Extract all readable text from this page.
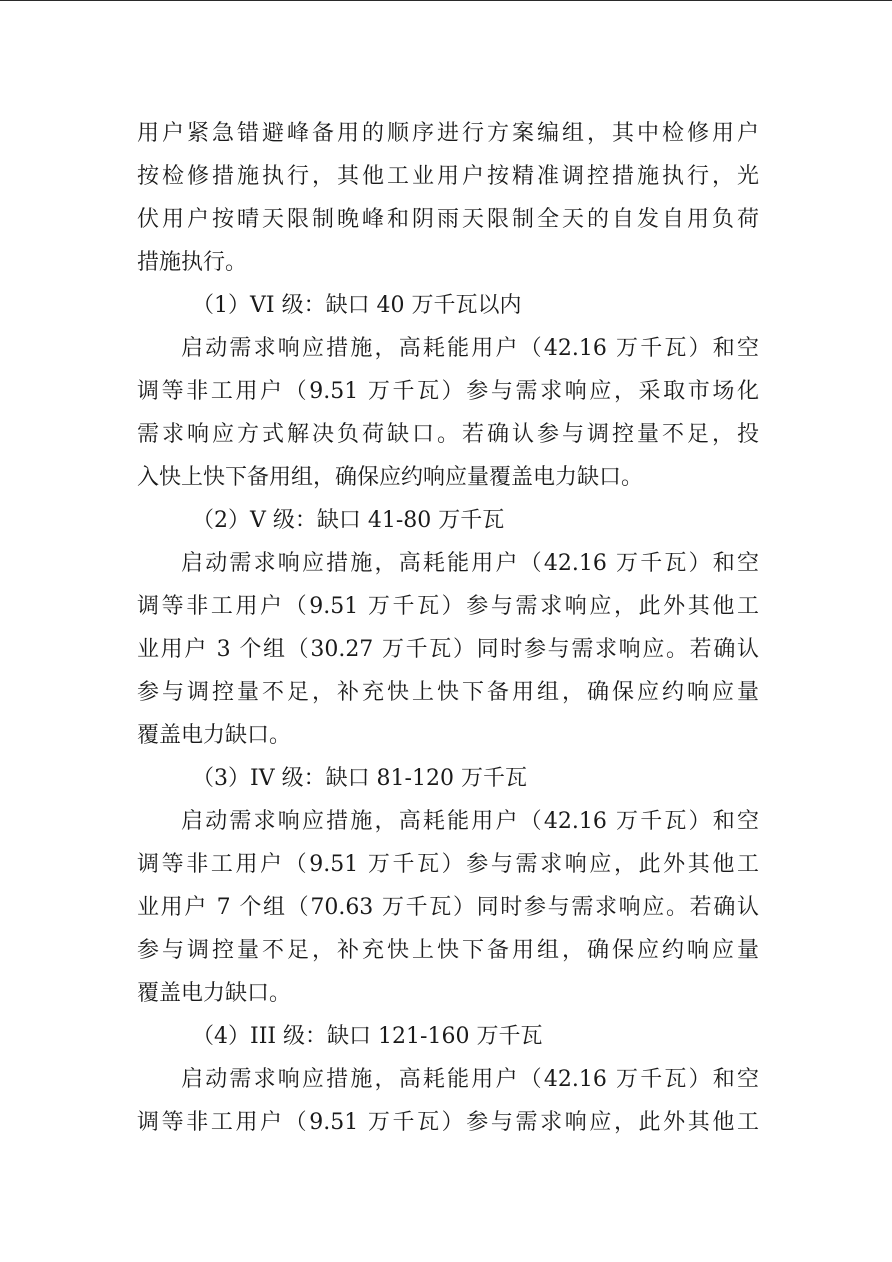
用户紧急错避峰备用的顺序进行方案编组，其中检修用户
按检修措施执行，其他工业用户按精准调控措施执行，光
伏用户按晴天限制晚峰和阴雨天限制全天的自发自用负荷
措施执行。
（1）VI 级：缺口 40 万千瓦以内
启动需求响应措施，高耗能用户（42.16 万千瓦）和空
调等非工用户（9.51 万千瓦）参与需求响应，采取市场化
需求响应方式解决负荷缺口。若确认参与调控量不足，投
入快上快下备用组，确保应约响应量覆盖电力缺口。
（2）V 级：缺口 41-80 万千瓦
启动需求响应措施，高耗能用户（42.16 万千瓦）和空
调等非工用户（9.51 万千瓦）参与需求响应，此外其他工
业用户 3 个组（30.27 万千瓦）同时参与需求响应。若确认
参与调控量不足，补充快上快下备用组，确保应约响应量
覆盖电力缺口。
（3）IV 级：缺口 81-120 万千瓦
启动需求响应措施，高耗能用户（42.16 万千瓦）和空
调等非工用户（9.51 万千瓦）参与需求响应，此外其他工
业用户 7 个组（70.63 万千瓦）同时参与需求响应。若确认
参与调控量不足，补充快上快下备用组，确保应约响应量
覆盖电力缺口。
（4）III 级：缺口 121-160 万千瓦
启动需求响应措施，高耗能用户（42.16 万千瓦）和空
调等非工用户（9.51 万千瓦）参与需求响应，此外其他工
